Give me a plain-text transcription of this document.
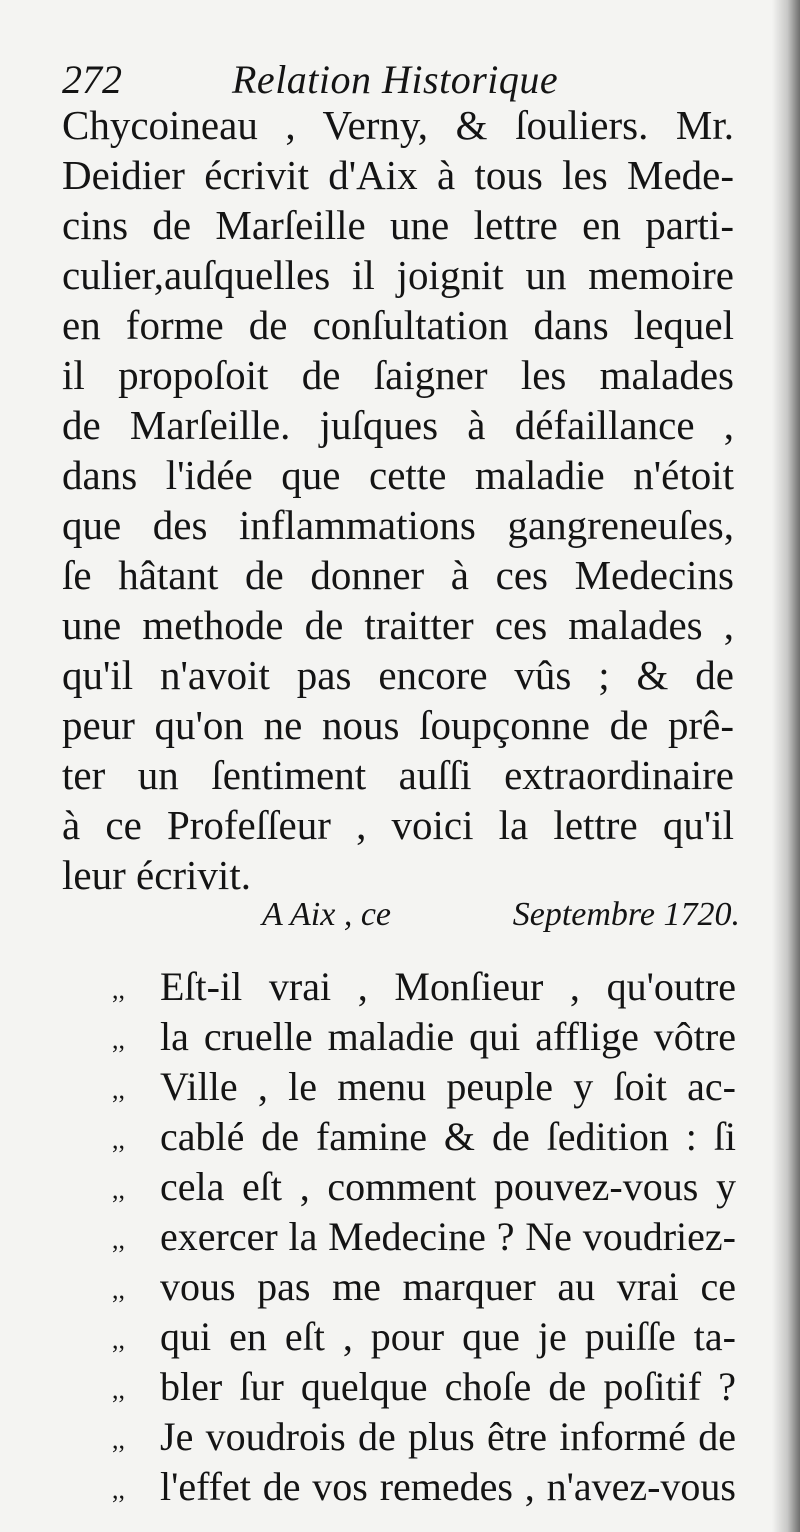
272	Relation Historique
Chycoineau , Verny, & ſouliers. Mr.
Deidier écrivit d'Aix à tous les Mede-
cins de Marſeille une lettre en parti-
culier,auſquelles il joignit un memoire
en forme de conſultation dans lequel
il propoſoit de ſaigner les malades
de Marſeille. juſques à défaillance ,
dans l'idée que cette maladie n'étoit
que des inflammations gangreneuſes,
ſe hâtant de donner à ces Medecins
une methode de traitter ces malades ,
qu'il n'avoit pas encore vûs ; & de
peur qu'on ne nous ſoupçonne de prê-
ter un ſentiment auſſi extraordinaire
à ce Profeſſeur , voici la lettre qu'il
leur écrivit.
A Aix , ce	Septembre 1720.
,, Eſt-il vrai , Monſieur , qu'outre
,, la cruelle maladie qui afflige vôtre
,, Ville , le menu peuple y ſoit ac-
,, cablé de famine & de ſedition : ſi
,, cela eſt , comment pouvez-vous y
,, exercer la Medecine ? Ne voudriez-
,, vous pas me marquer au vrai ce
,, qui en eſt , pour que je puiſſe ta-
,, bler ſur quelque choſe de poſitif ?
,, Je voudrois de plus être informé de
,, l'effet de vos remedes , n'avez-vous
